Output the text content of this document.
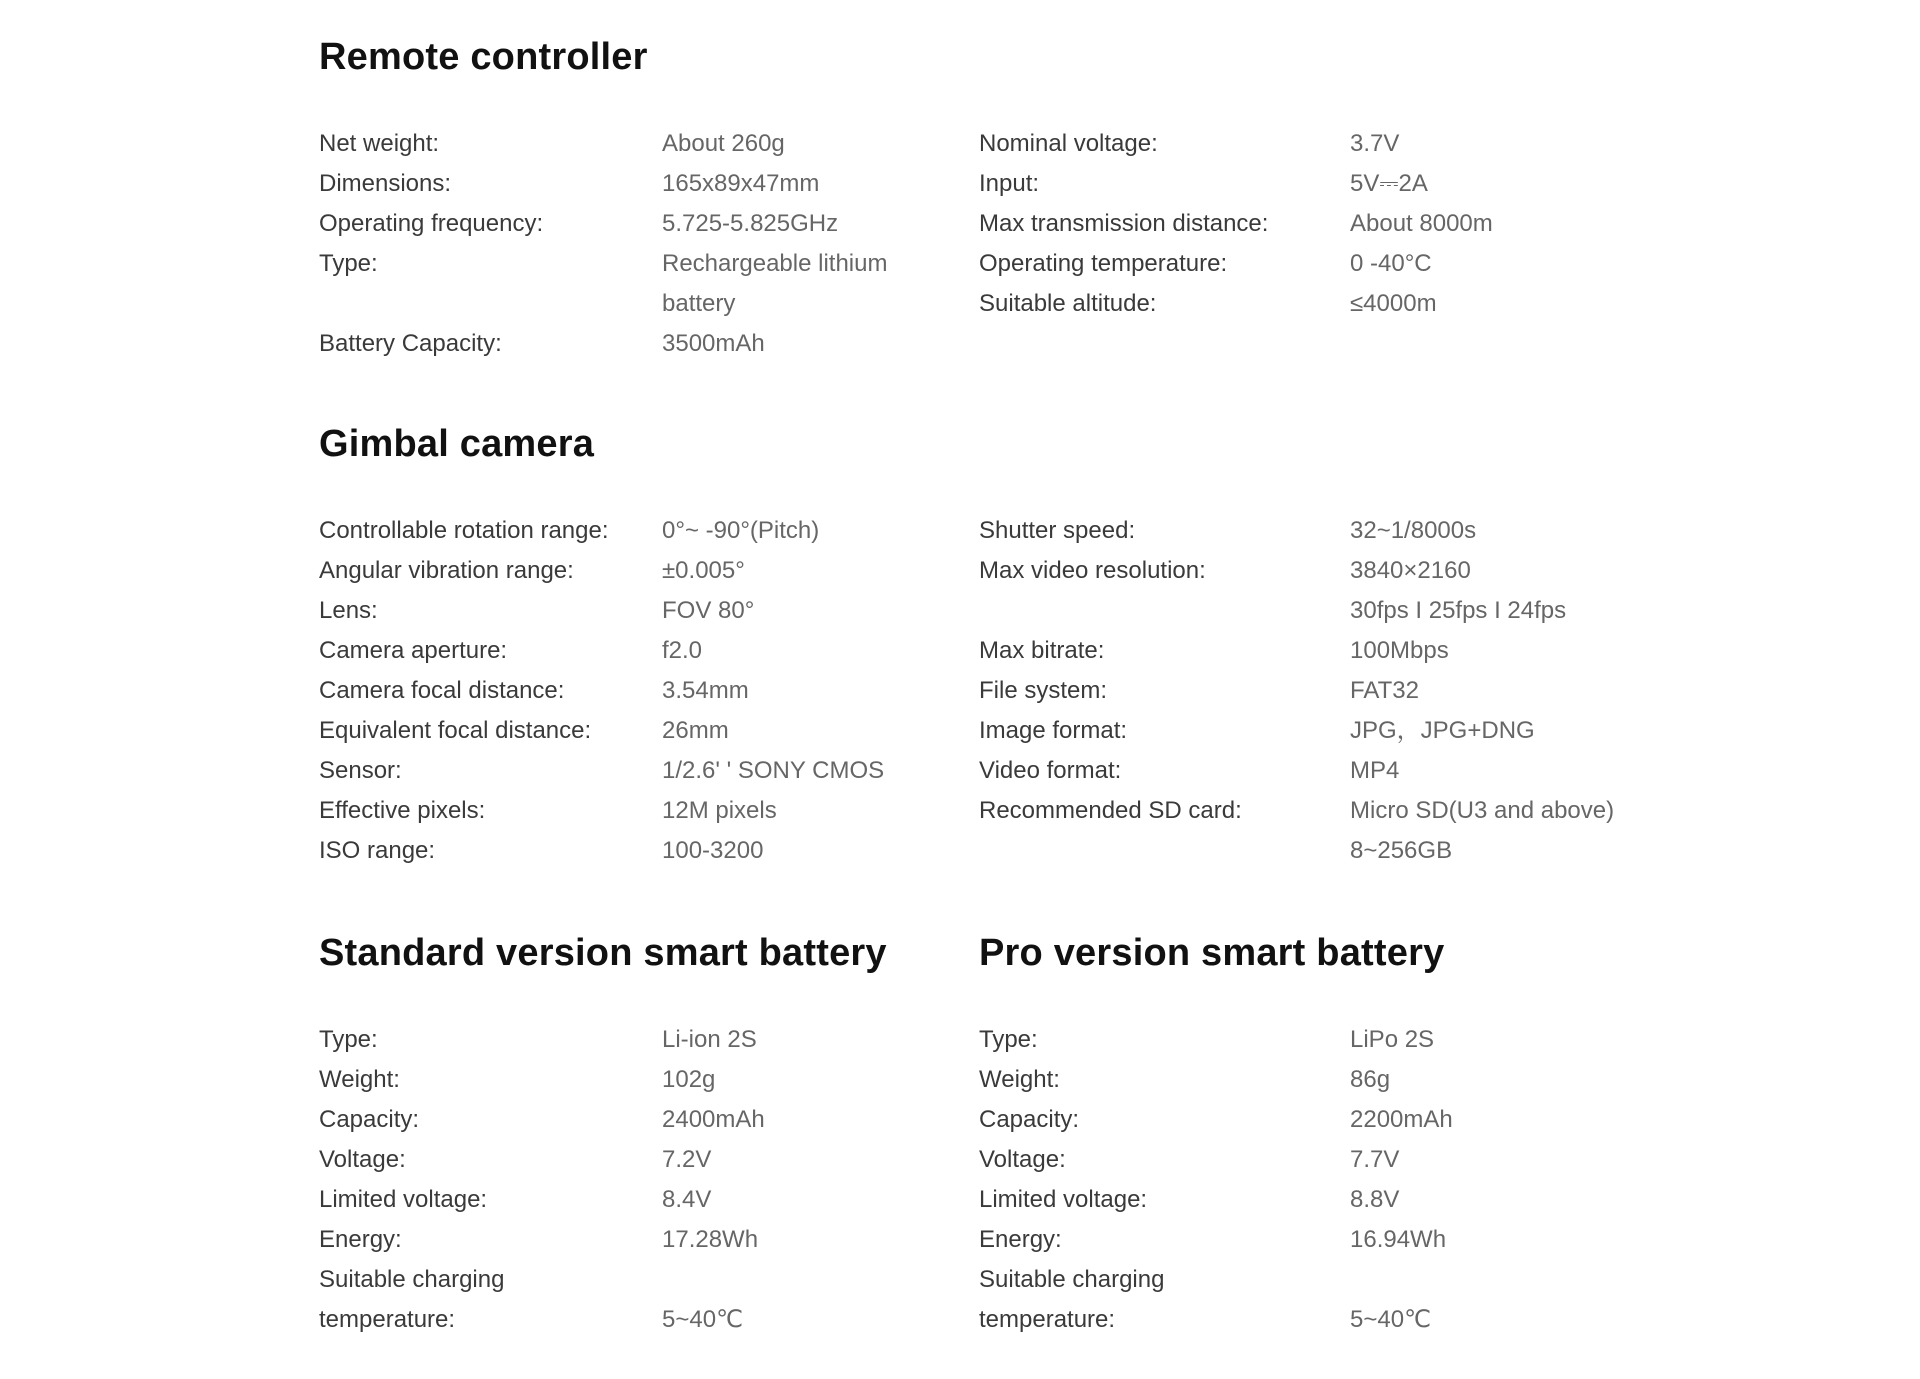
Remote controller
Net weight:	About 260g
Dimensions:	165x89x47mm
Operating frequency:	5.725-5.825GHz
Type:	Rechargeable lithium battery
Battery Capacity:	3500mAh
Nominal voltage:	3.7V
Input:	5V⎓2A
Max transmission distance:	About 8000m
Operating temperature:	0 -40°C
Suitable altitude:	≤4000m
Gimbal camera
Controllable rotation range:	0°~ -90°(Pitch)
Angular vibration range:	±0.005°
Lens:	FOV 80°
Camera aperture:	f2.0
Camera focal distance:	3.54mm
Equivalent focal distance:	26mm
Sensor:	1/2.6' ' SONY CMOS
Effective pixels:	12M pixels
ISO range:	100-3200
Shutter speed:	32~1/8000s
Max video resolution:	3840×2160
30fps I 25fps I 24fps
Max bitrate:	100Mbps
File system:	FAT32
Image format:	JPG，JPG+DNG
Video format:	MP4
Recommended SD card:	Micro SD(U3 and above)
8~256GB
Standard version smart battery Pro version smart battery
Type:	Li-ion 2S
Weight:	102g
Capacity:	2400mAh
Voltage:	7.2V
Limited voltage:	8.4V
Energy:	17.28Wh
Suitable charging temperature:	5~40℃
Type:	LiPo 2S
Weight:	86g
Capacity:	2200mAh
Voltage:	7.7V
Limited voltage:	8.8V
Energy:	16.94Wh
Suitable charging temperature:	5~40℃
